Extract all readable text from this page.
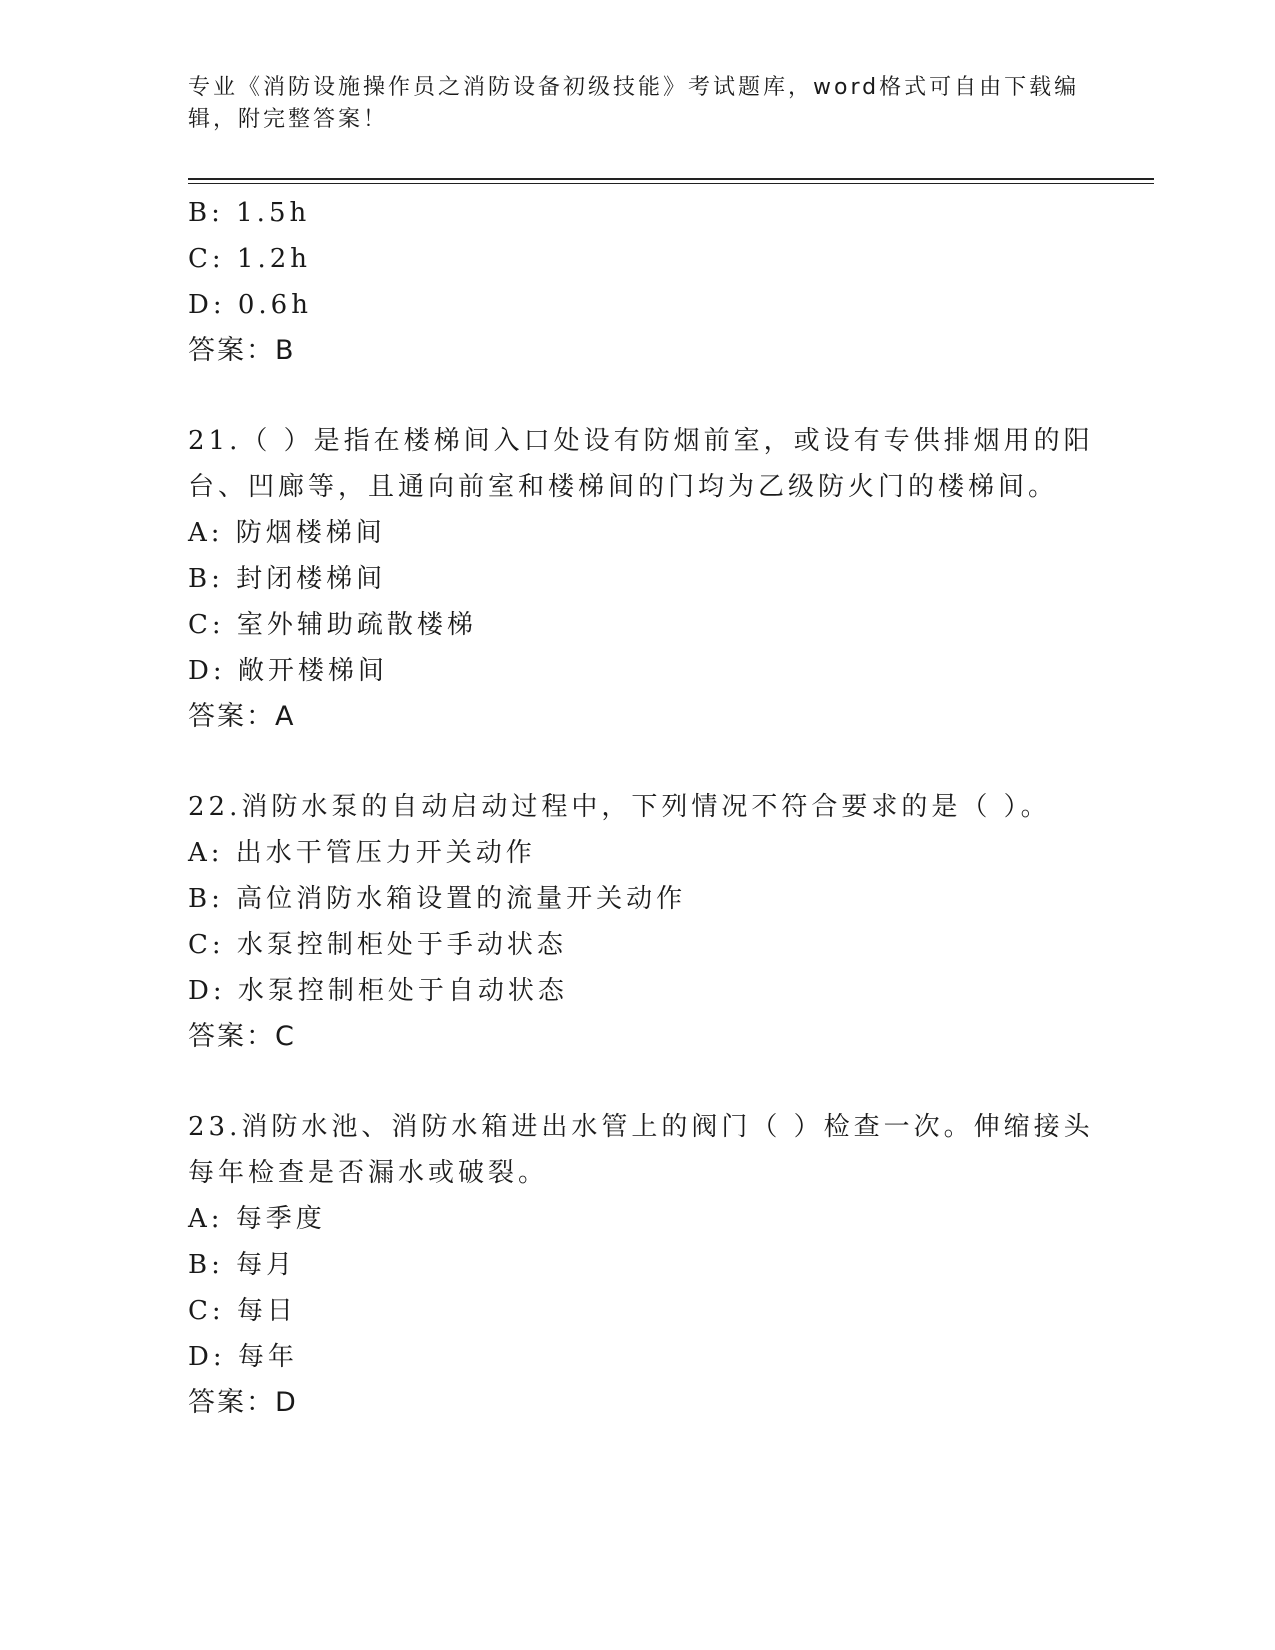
专业《消防设施操作员之消防设备初级技能》考试题库，word格式可自由下载编
辑，附完整答案！
B: 1.5h
C: 1.2h
D: 0.6h
答案：B
21.（ ）是指在楼梯间入口处设有防烟前室，或设有专供排烟用的阳
台、凹廊等，且通向前室和楼梯间的门均为乙级防火门的楼梯间。
A: 防烟楼梯间
B: 封闭楼梯间
C: 室外辅助疏散楼梯
D: 敞开楼梯间
答案：A
22.消防水泵的自动启动过程中，下列情况不符合要求的是（ ）。
A: 出水干管压力开关动作
B: 高位消防水箱设置的流量开关动作
C: 水泵控制柜处于手动状态
D: 水泵控制柜处于自动状态
答案：C
23.消防水池、消防水箱进出水管上的阀门（ ）检查一次。伸缩接头
每年检查是否漏水或破裂。
A: 每季度
B: 每月
C: 每日
D: 每年
答案：D
